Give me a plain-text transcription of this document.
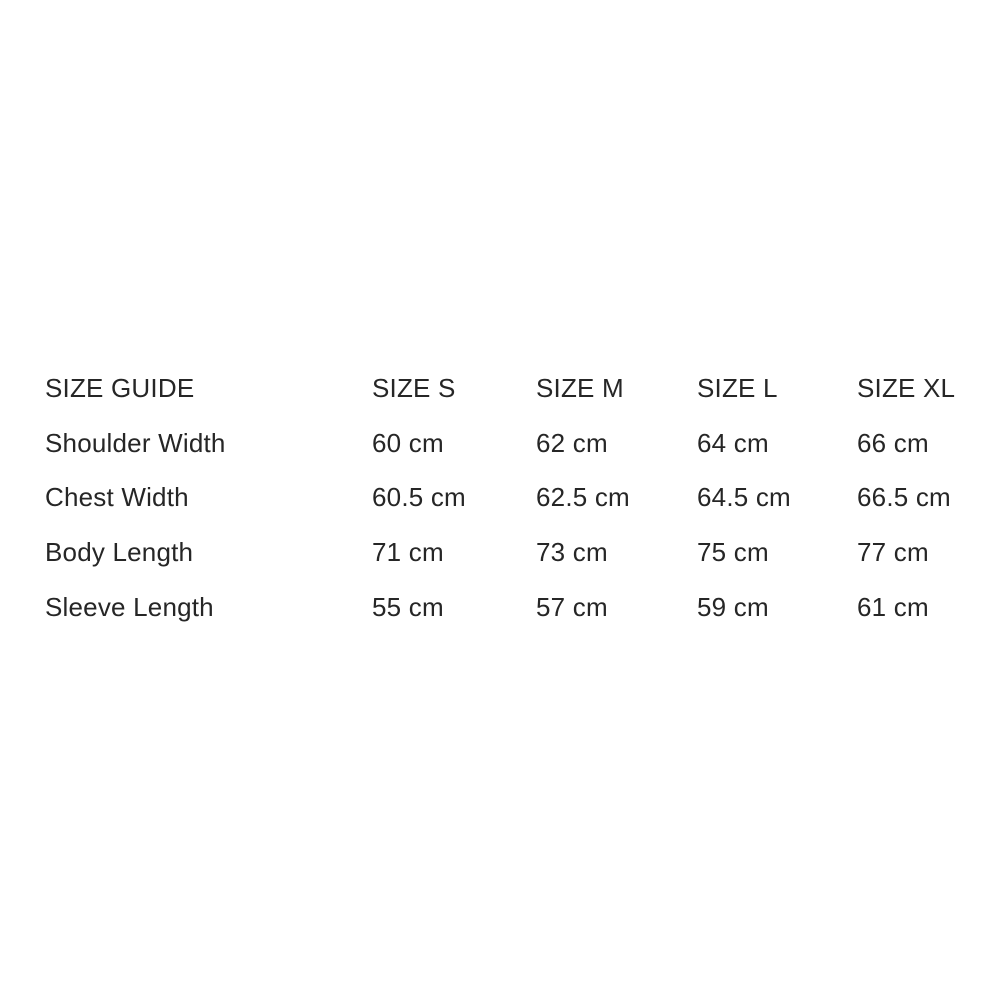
SIZE GUIDE	SIZE S	SIZE M	SIZE L	SIZE XL
Shoulder Width	60 cm	62 cm	64 cm	66 cm
Chest Width	60.5 cm	62.5 cm	64.5 cm	66.5 cm
Body Length	71 cm	73 cm	75 cm	77 cm
Sleeve Length	55 cm	57 cm	59 cm	61 cm
